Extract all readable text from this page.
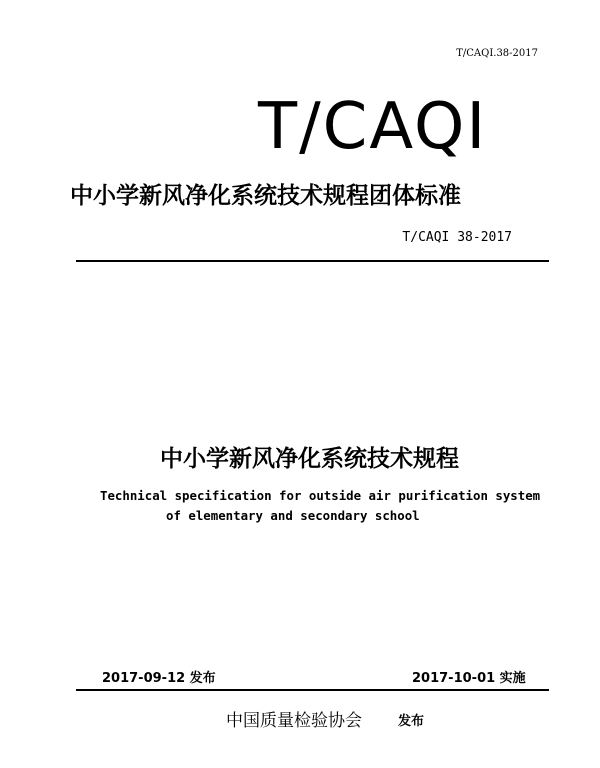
T/CAQI.38-2017
T/CAQI
中小学新风净化系统技术规程团体标准
T/CAQI 38-2017
中小学新风净化系统技术规程
Technical specification for outside air purification system
of elementary and secondary school
2017-09-12 发布	2017-10-01 实施
中国质量检验协会	发布
